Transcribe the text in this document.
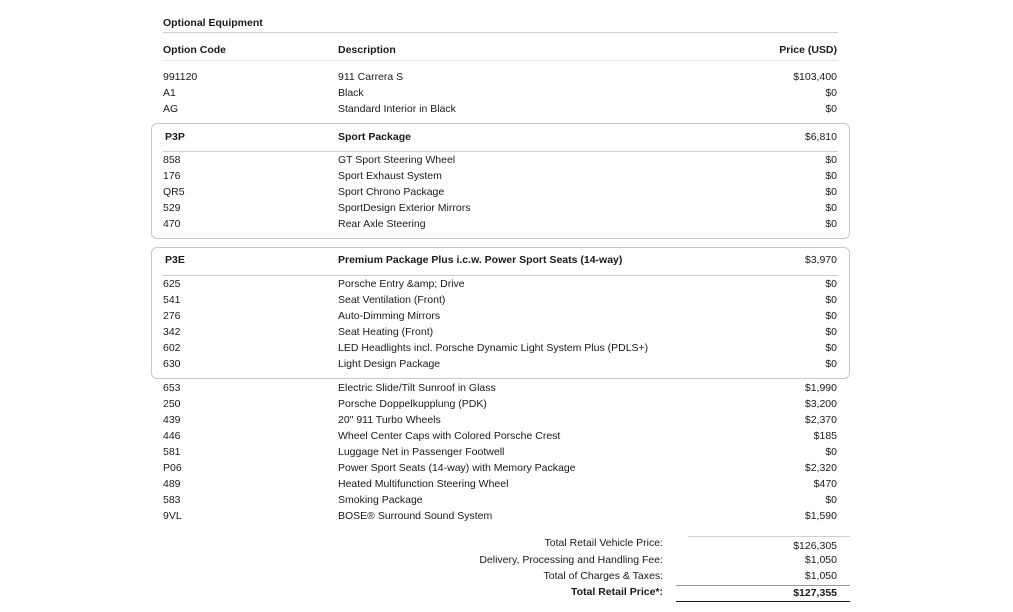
Optional Equipment
Option Code	Description	Price (USD)
991120	911 Carrera S	$103,400
A1	Black	$0
AG	Standard Interior in Black	$0
P3P	Sport Package	$6,810
858	GT Sport Steering Wheel	$0
176	Sport Exhaust System	$0
QR5	Sport Chrono Package	$0
529	SportDesign Exterior Mirrors	$0
470	Rear Axle Steering	$0
P3E	Premium Package Plus i.c.w. Power Sport Seats (14-way)	$3,970
625	Porsche Entry &amp; Drive	$0
541	Seat Ventilation (Front)	$0
276	Auto-Dimming Mirrors	$0
342	Seat Heating (Front)	$0
602	LED Headlights incl. Porsche Dynamic Light System Plus (PDLS+)	$0
630	Light Design Package	$0
653	Electric Slide/Tilt Sunroof in Glass	$1,990
250	Porsche Doppelkupplung (PDK)	$3,200
439	20" 911 Turbo Wheels	$2,370
446	Wheel Center Caps with Colored Porsche Crest	$185
581	Luggage Net in Passenger Footwell	$0
P06	Power Sport Seats (14-way) with Memory Package	$2,320
489	Heated Multifunction Steering Wheel	$470
583	Smoking Package	$0
9VL	BOSE® Surround Sound System	$1,590
Total Retail Vehicle Price:	$126,305
Delivery, Processing and Handling Fee:	$1,050
Total of Charges & Taxes:	$1,050
Total Retail Price*:	$127,355
